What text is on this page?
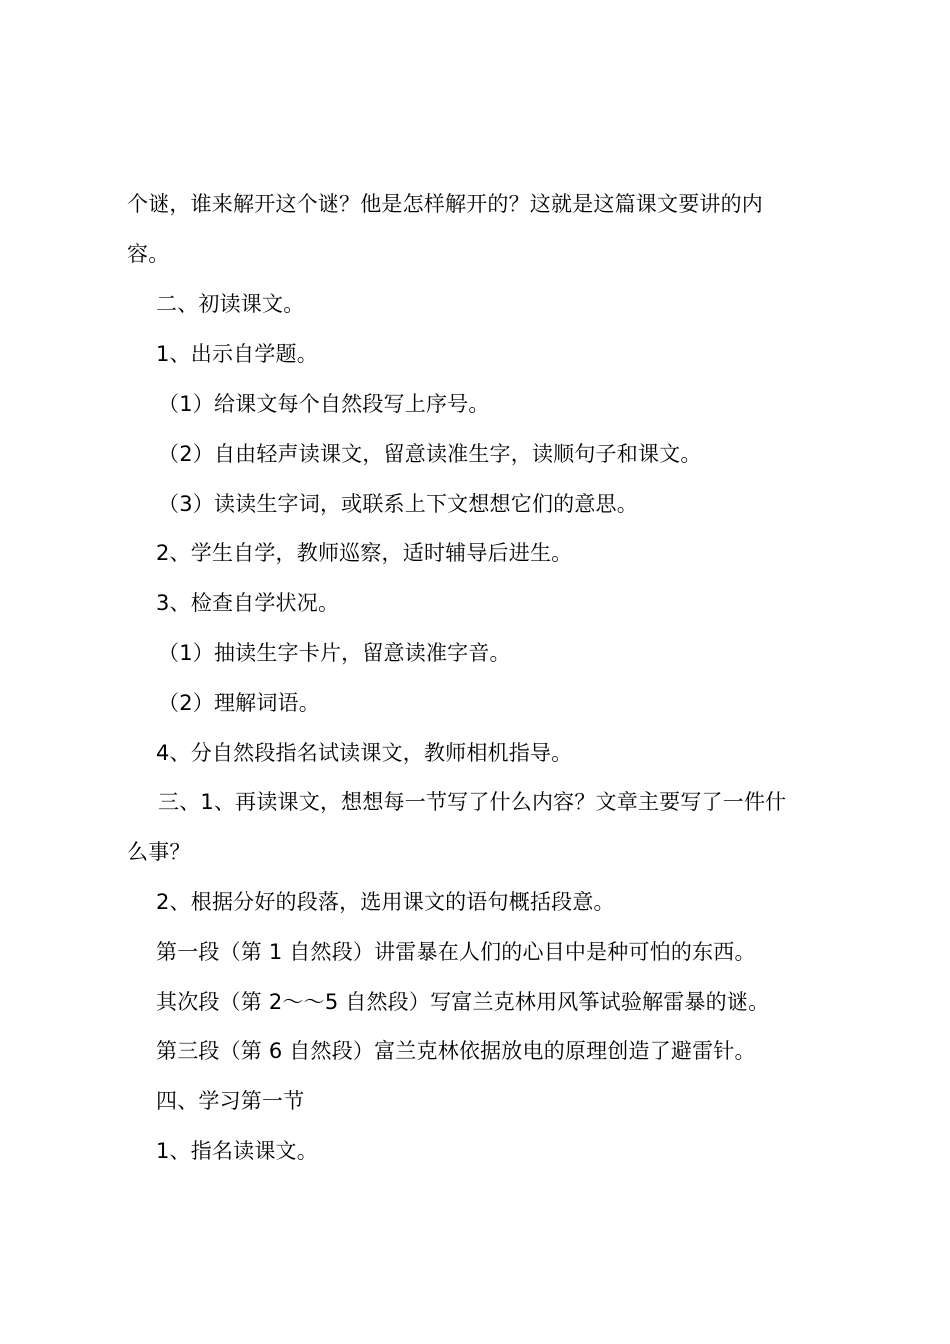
个谜，谁来解开这个谜？他是怎样解开的？这就是这篇课文要讲的内
容。
二、初读课文。
1、出示自学题。
（1）给课文每个自然段写上序号。
（2）自由轻声读课文，留意读准生字，读顺句子和课文。
（3）读读生字词，或联系上下文想想它们的意思。
2、学生自学，教师巡察，适时辅导后进生。
3、检查自学状况。
（1）抽读生字卡片，留意读准字音。
（2）理解词语。
4、分自然段指名试读课文，教师相机指导。
三、1、再读课文，想想每一节写了什么内容？文章主要写了一件什
么事？
2、根据分好的段落，选用课文的语句概括段意。
第一段（第 1 自然段）讲雷暴在人们的心目中是种可怕的东西。
其次段（第 2～～5 自然段）写富兰克林用风筝试验解雷暴的谜。
第三段（第 6 自然段）富兰克林依据放电的原理创造了避雷针。
四、学习第一节
1、指名读课文。
